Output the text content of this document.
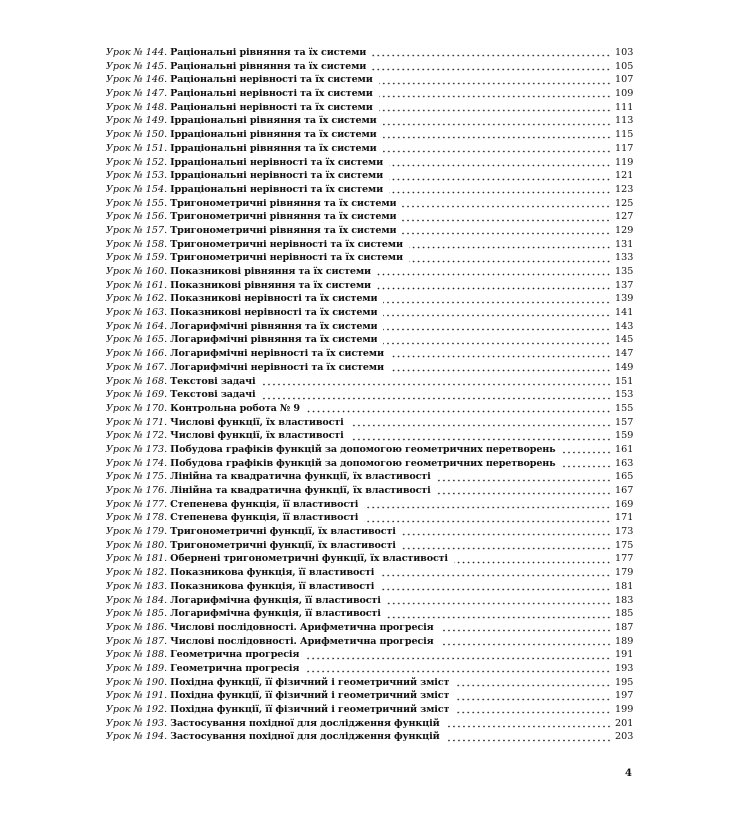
Урок № 144. Раціональні рівняння та їх системи	103
Урок № 145. Раціональні рівняння та їх системи	105
Урок № 146. Раціональні нерівності та їх системи	107
Урок № 147. Раціональні нерівності та їх системи	109
Урок № 148. Раціональні нерівності та їх системи	111
Урок № 149. Ірраціональні рівняння та їх системи	113
Урок № 150. Ірраціональні рівняння та їх системи	115
Урок № 151. Ірраціональні рівняння та їх системи	117
Урок № 152. Ірраціональні нерівності та їх системи	119
Урок № 153. Ірраціональні нерівності та їх системи	121
Урок № 154. Ірраціональні нерівності та їх системи	123
Урок № 155. Тригонометричні рівняння та їх системи	125
Урок № 156. Тригонометричні рівняння та їх системи	127
Урок № 157. Тригонометричні рівняння та їх системи	129
Урок № 158. Тригонометричні нерівності та їх системи	131
Урок № 159. Тригонометричні нерівності та їх системи	133
Урок № 160. Показникові рівняння та їх системи	135
Урок № 161. Показникові рівняння та їх системи	137
Урок № 162. Показникові нерівності та їх системи	139
Урок № 163. Показникові нерівності та їх системи	141
Урок № 164. Логарифмічні рівняння та їх системи	143
Урок № 165. Логарифмічні рівняння та їх системи	145
Урок № 166. Логарифмічні нерівності та їх системи	147
Урок № 167. Логарифмічні нерівності та їх системи	149
Урок № 168. Текстові задачі	151
Урок № 169. Текстові задачі	153
Урок № 170. Контрольна робота № 9	155
Урок № 171. Числові функції, їх властивості	157
Урок № 172. Числові функції, їх властивості	159
Урок № 173. Побудова графіків функцій за допомогою геометричних перетворень	161
Урок № 174. Побудова графіків функцій за допомогою геометричних перетворень	163
Урок № 175. Лінійна та квадратична функції, їх властивості	165
Урок № 176. Лінійна та квадратична функції, їх властивості	167
Урок № 177. Степенева функція, її властивості	169
Урок № 178. Степенева функція, її властивості	171
Урок № 179. Тригонометричні функції, їх властивості	173
Урок № 180. Тригонометричні функції, їх властивості	175
Урок № 181. Обернені тригонометричні функції, їх властивості	177
Урок № 182. Показникова функція, її властивості	179
Урок № 183. Показникова функція, її властивості	181
Урок № 184. Логарифмічна функція, її властивості	183
Урок № 185. Логарифмічна функція, її властивості	185
Урок № 186. Числові послідовності. Арифметична прогресія	187
Урок № 187. Числові послідовності. Арифметична прогресія	189
Урок № 188. Геометрична прогресія	191
Урок № 189. Геометрична прогресія	193
Урок № 190. Похідна функції, її фізичний і геометричний зміст	195
Урок № 191. Похідна функції, її фізичний і геометричний зміст	197
Урок № 192. Похідна функції, її фізичний і геометричний зміст	199
Урок № 193. Застосування похідної для дослідження функцій	201
Урок № 194. Застосування похідної для дослідження функцій	203
4
